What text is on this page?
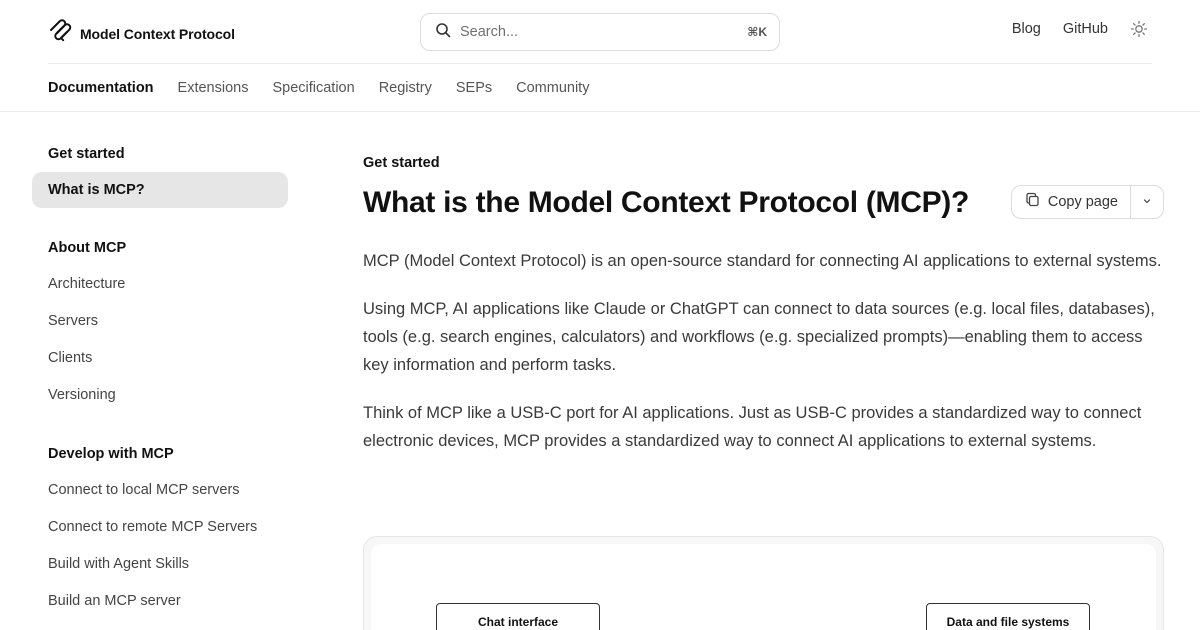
Model Context Protocol	Search...	⌘K	Blog GitHub
Documentation Extensions Specification Registry SEPs Community
Get started
What is MCP?
About MCP
Architecture
Servers
Clients
Versioning
Develop with MCP
Connect to local MCP servers
Connect to remote MCP Servers
Build with Agent Skills
Build an MCP server
Get started
What is the Model Context Protocol (MCP)?	Copy page

MCP (Model Context Protocol) is an open-source standard for connecting AI applications to external systems.

Using MCP, AI applications like Claude or ChatGPT can connect to data sources (e.g. local files, databases), tools (e.g. search engines, calculators) and workflows (e.g. specialized prompts)—enabling them to access key information and perform tasks.

Think of MCP like a USB-C port for AI applications. Just as USB-C provides a standardized way to connect electronic devices, MCP provides a standardized way to connect AI applications to external systems.

Chat interface	Data and file systems
